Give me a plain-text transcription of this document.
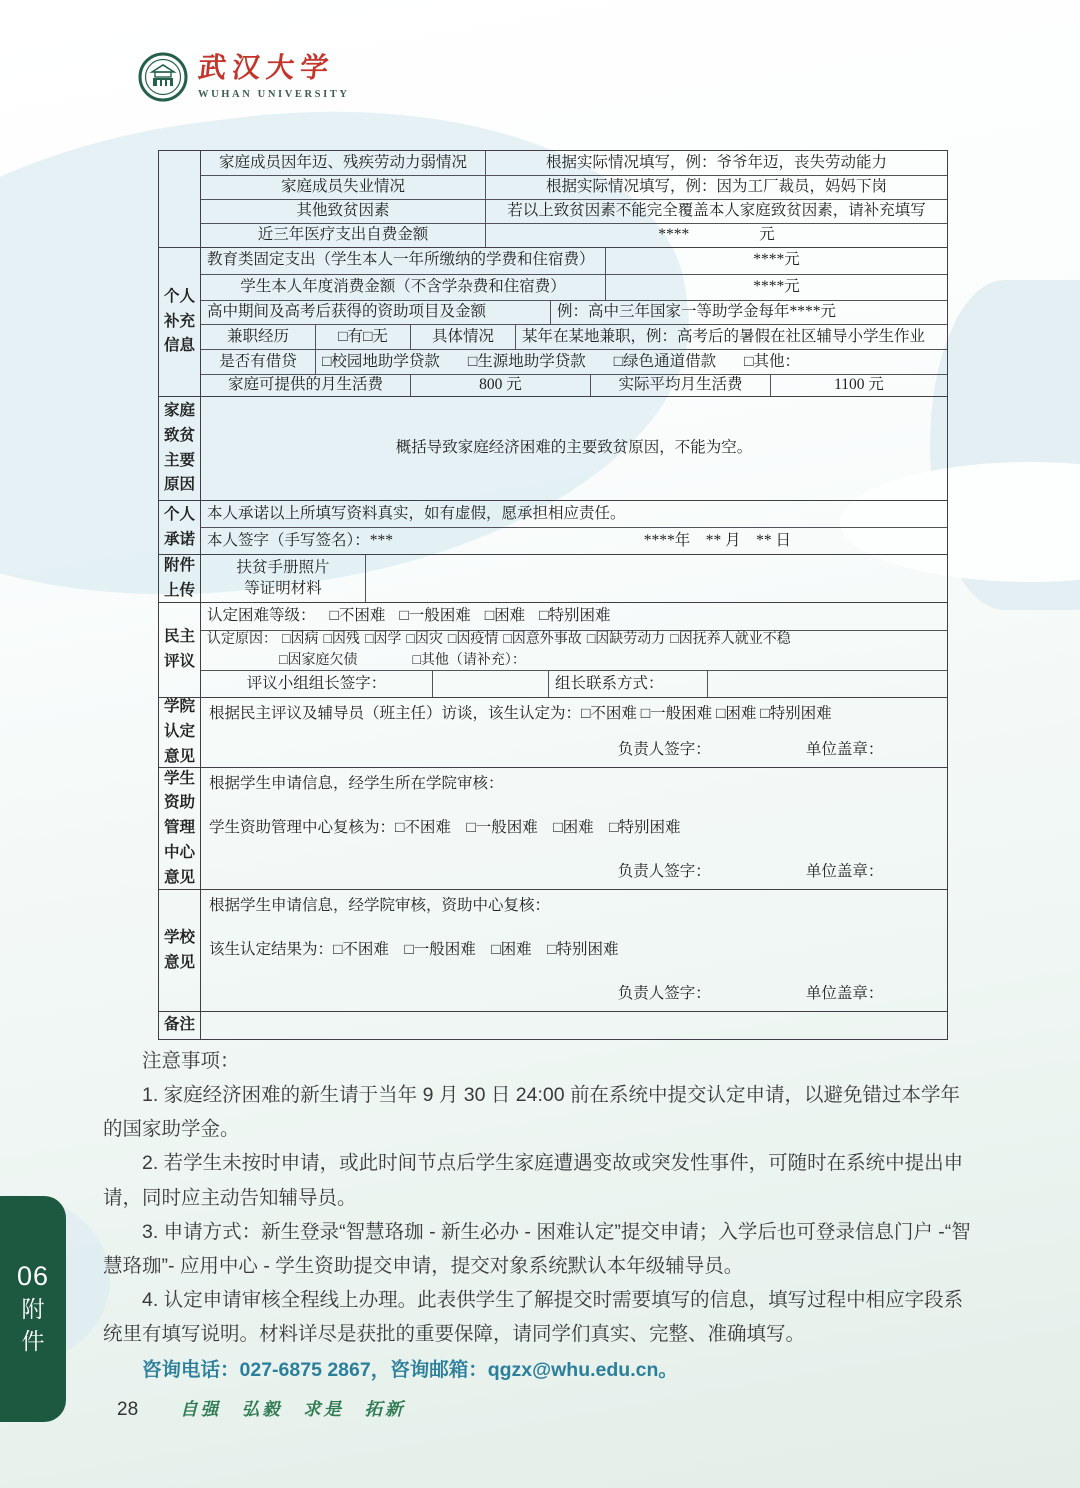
武汉大学
WUHAN UNIVERSITY
家庭成员因年迈、残疾劳动力弱情况	根据实际情况填写，例：爷爷年迈，丧失劳动能力
家庭成员失业情况	根据实际情况填写，例：因为工厂裁员，妈妈下岗
其他致贫因素	若以上致贫因素不能完全覆盖本人家庭致贫因素，请补充填写
近三年医疗支出自费金额	****	元
个人补充信息
教育类固定支出（学生本人一年所缴纳的学费和住宿费）	****元
学生本人年度消费金额（不含学杂费和住宿费）	****元
高中期间及高考后获得的资助项目及金额	例：高中三年国家一等助学金每年****元
兼职经历	□有□无	具体情况 某年在某地兼职，例：高考后的暑假在社区辅导小学生作业
是否有借贷 □校园地助学贷款 □生源地助学贷款 □绿色通道借款 □其他：
家庭可提供的月生活费	800 元	实际平均月生活费	1100 元
家庭致贫主要原因
概括导致家庭经济困难的主要致贫原因，不能为空。
个人承诺
本人承诺以上所填写资料真实，如有虚假，愿承担相应责任。
本人签字（手写签名）：***	****年　** 月　** 日
附件上传
扶贫手册照片
等证明材料
民主评议
认定困难等级： □不困难 □一般困难 □困难 □特别困难
认定原因： □因病 □因残 □因学 □因灾 □因疫情 □因意外事故 □因缺劳动力 □因抚养人就业不稳
□因家庭欠债	□其他（请补充）：
评议小组组长签字：	组长联系方式：
学院认定意见
根据民主评议及辅导员（班主任）访谈，该生认定为：□不困难 □一般困难 □困难 □特别困难
负责人签字：	单位盖章：
学生资助管理中心意见
根据学生申请信息，经学生所在学院审核：
学生资助管理中心复核为：□不困难　□一般困难　□困难　□特别困难
负责人签字：	单位盖章：
学校意见
根据学生申请信息，经学院审核，资助中心复核：
该生认定结果为：□不困难　□一般困难　□困难　□特别困难
负责人签字：	单位盖章：
备注

注意事项：

1. 家庭经济困难的新生请于当年 9 月 30 日 24:00 前在系统中提交认定申请，以避免错过本学年的国家助学金。

2. 若学生未按时申请，或此时间节点后学生家庭遭遇变故或突发性事件，可随时在系统中提出申请，同时应主动告知辅导员。

3. 申请方式：新生登录“智慧珞珈 - 新生必办 - 困难认定”提交申请；入学后也可登录信息门户 -“智慧珞珈”- 应用中心 - 学生资助提交申请，提交对象系统默认本年级辅导员。

4. 认定申请审核全程线上办理。此表供学生了解提交时需要填写的信息，填写过程中相应字段系统里有填写说明。材料详尽是获批的重要保障，请同学们真实、完整、准确填写。

咨询电话：027-6875 2867，咨询邮箱：qgzx@whu.edu.cn。

06
附件
28 自强　弘毅　求是　拓新
